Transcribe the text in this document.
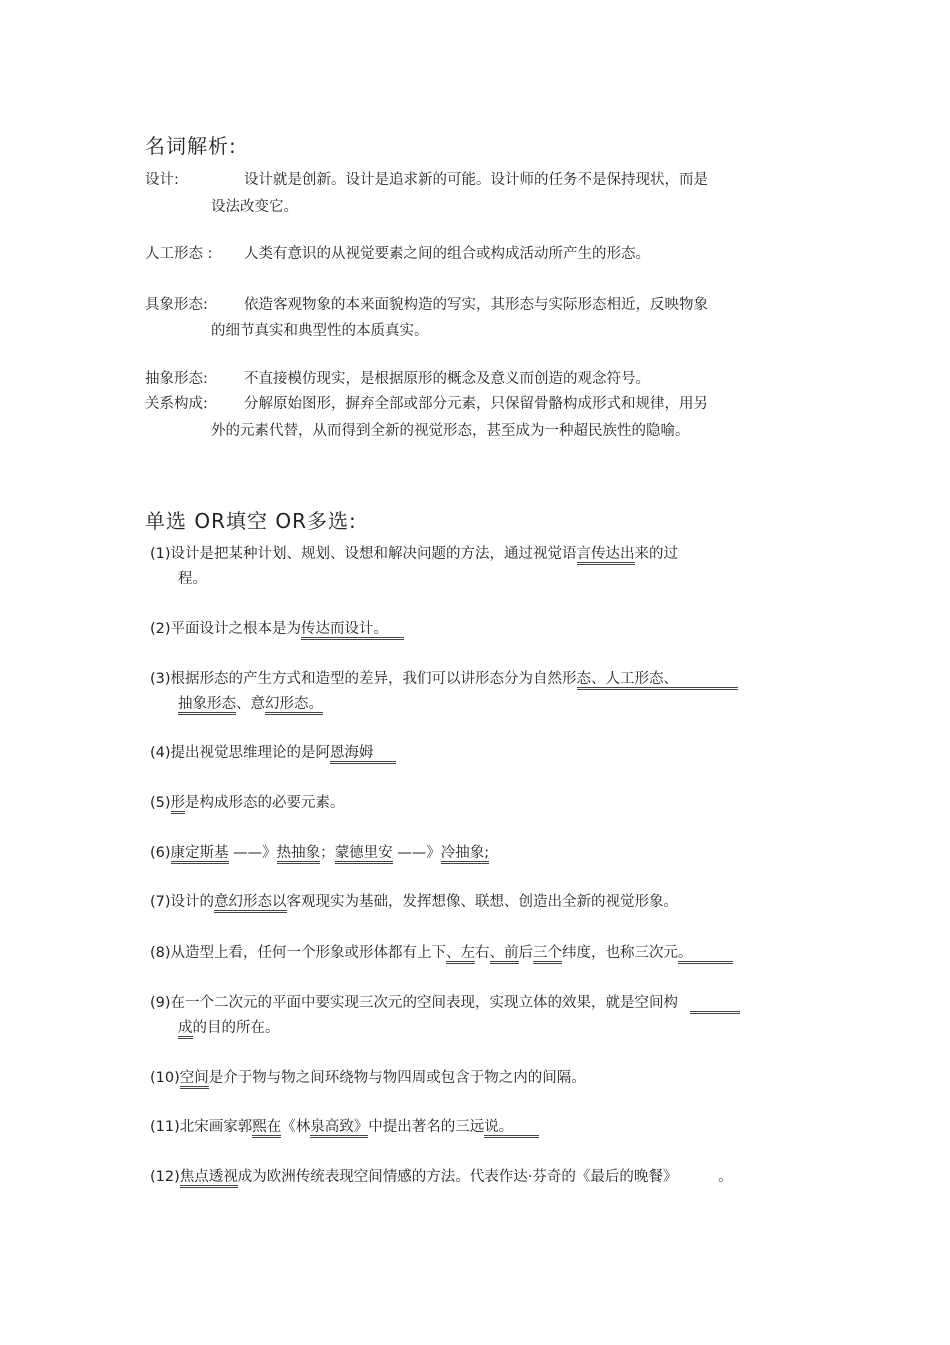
名词解析:
设计:	设计就是创新。设计是追求新的可能。设计师的任务不是保持现状，而是
设法改变它。
人工形态 : 人类有意识的从视觉要素之间的组合或构成活动所产生的形态。
具象形态: 依造客观物象的本来面貌构造的写实，其形态与实际形态相近，反映物象
的细节真实和典型性的本质真实。
抽象形态: 不直接模仿现实，是根据原形的概念及意义而创造的观念符号。
关系构成: 分解原始图形，摒弃全部或部分元素，只保留骨骼构成形式和规律，用另
外的元素代替，从而得到全新的视觉形态，甚至成为一种超民族性的隐喻。
单选 OR填空 OR多选:
(1)设计是把某种计划、规划、设想和解决问题的方法，通过视觉语言传达出来的过
程。
(2)平面设计之根本是为传达而设计。
(3)根据形态的产生方式和造型的差异，我们可以讲形态分为自然形态、人工形态、
抽象形态、意幻形态。
(4)提出视觉思维理论的是阿恩海姆
(5)形是构成形态的必要元素。
(6)康定斯基 ——》热抽象；蒙德里安 ——》冷抽象;
(7)设计的意幻形态以客观现实为基础，发挥想像、联想、创造出全新的视觉形象。
(8)从造型上看，任何一个形象或形体都有上下、左右、前后三个纬度，也称三次元。
(9)在一个二次元的平面中要实现三次元的空间表现，实现立体的效果，就是空间构
成的目的所在。
(10)空间是介于物与物之间环绕物与物四周或包含于物之内的间隔。
(11)北宋画家郭熙在《林泉高致》中提出著名的三远说。
(12)焦点透视成为欧洲传统表现空间情感的方法。代表作达·芬奇的《最后的晚餐》	。
